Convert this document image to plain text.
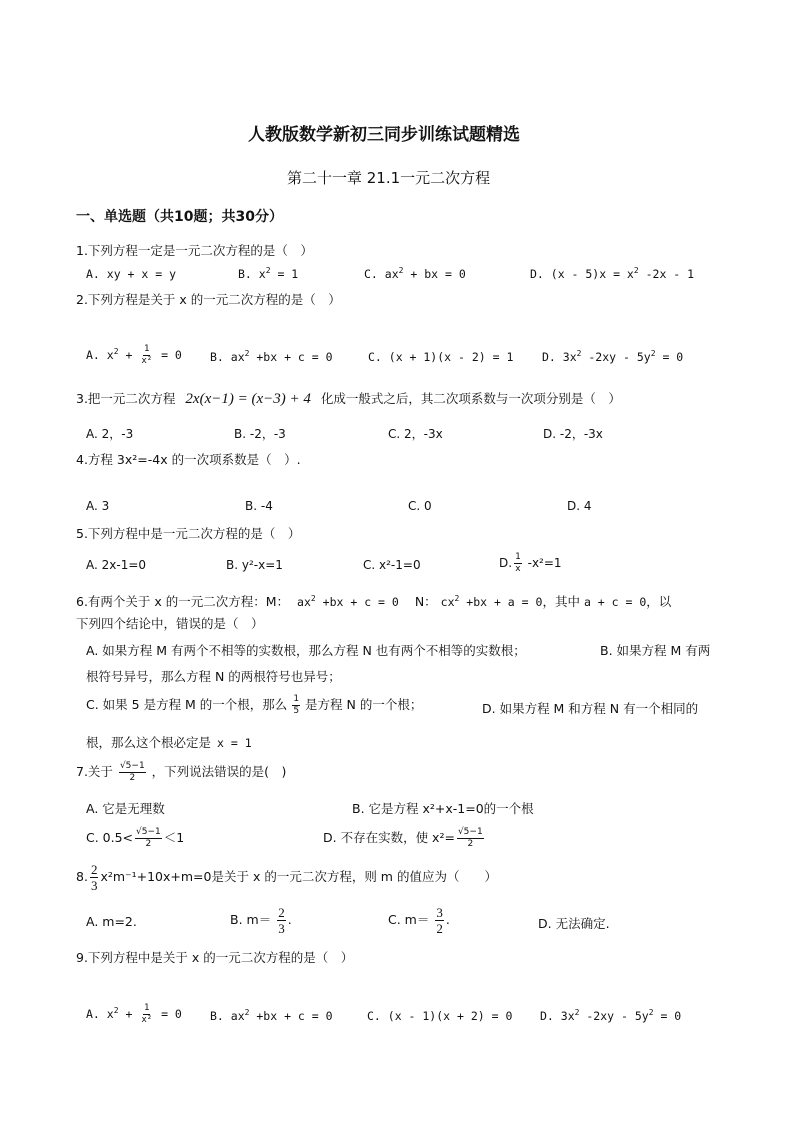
人教版数学新初三同步训练试题精选
第二十一章 21.1一元二次方程
一、单选题（共10题；共30分）
1.下列方程一定是一元二次方程的是（　）
A. xy + x = y	B. $x^2 = 1$	C. $ax^2$ + bx = 0	D. $(x - 5)x = x^2$ -2x - 1
2.下列方程是关于 x 的一元二次方程的是（　）
A. $x^2 + \frac{1}{\text{x²}} = 0$ B. $ax^2 +bx + c = 0$	C. (x + 1)(x - 2) = 1 D. $3x^2$ $-2xy - 5y^2 = 0$
3.把一元二次方程 2x(x−1) = (x−3) + 4 化成一般式之后，其二次项系数与一次项分别是（　）
A. 2，-3	B. -2，-3	C. 2，-3x	D. -2，-3x
4.方程 3x²=-4x 的一次项系数是（　）.
A. 3	B. -4	C. 0	D. 4
5.下列方程中是一元二次方程的是（　）
A. 2x-1=0	B. y²-x=1	C. x²-1=0	D. $\frac{1}{x} -x^2=1$
6.有两个关于 x 的一元二次方程：M： $ax^2 +bx + c = 0$ N： $cx^2 +bx + a = 0$，其中 a + c = 0，以
下列四个结论中，错误的是（　）
A. 如果方程 M 有两个不相等的实数根，那么方程 N 也有两个不相等的实数根；	B. 如果方程 M 有两
根符号异号，那么方程 N 的两根符号也异号；
C. 如果 5 是方程 M 的一个根，那么 $\frac{1}{5}$ 是方程 N 的一个根；	D. 如果方程 M 和方程 N 有一个相同的
根，那么这个根必定是 x = 1
7.关于 $\frac{√5-1}{2}$ ，下列说法错误的是(　)
A. 它是无理数	B. 它是方程 x²+x-1=0的一个根
C. $0.5< \frac{√5-1}{2} <1$	D. 不存在实数，使 $x^2= \frac{√5-1}{2}$
8. $\frac{2}{3} x^2m^{-1}+10x+m=0$是关于 x 的一元二次方程，则 m 的值应为（　　）
A. m=2.	B. $m= \frac{2}{3}$ .	C. $m= \frac{3}{2}$ .	D. 无法确定.
9.下列方程中是关于 x 的一元二次方程的是（　）
A. $x^2 + \frac{1}{\text{x²}} = 0$ B. $ax^2 +bx + c = 0$	C. (x - 1)(x + 2) = 0 D. $3x^2$ $-2xy - 5y^2 = 0$
